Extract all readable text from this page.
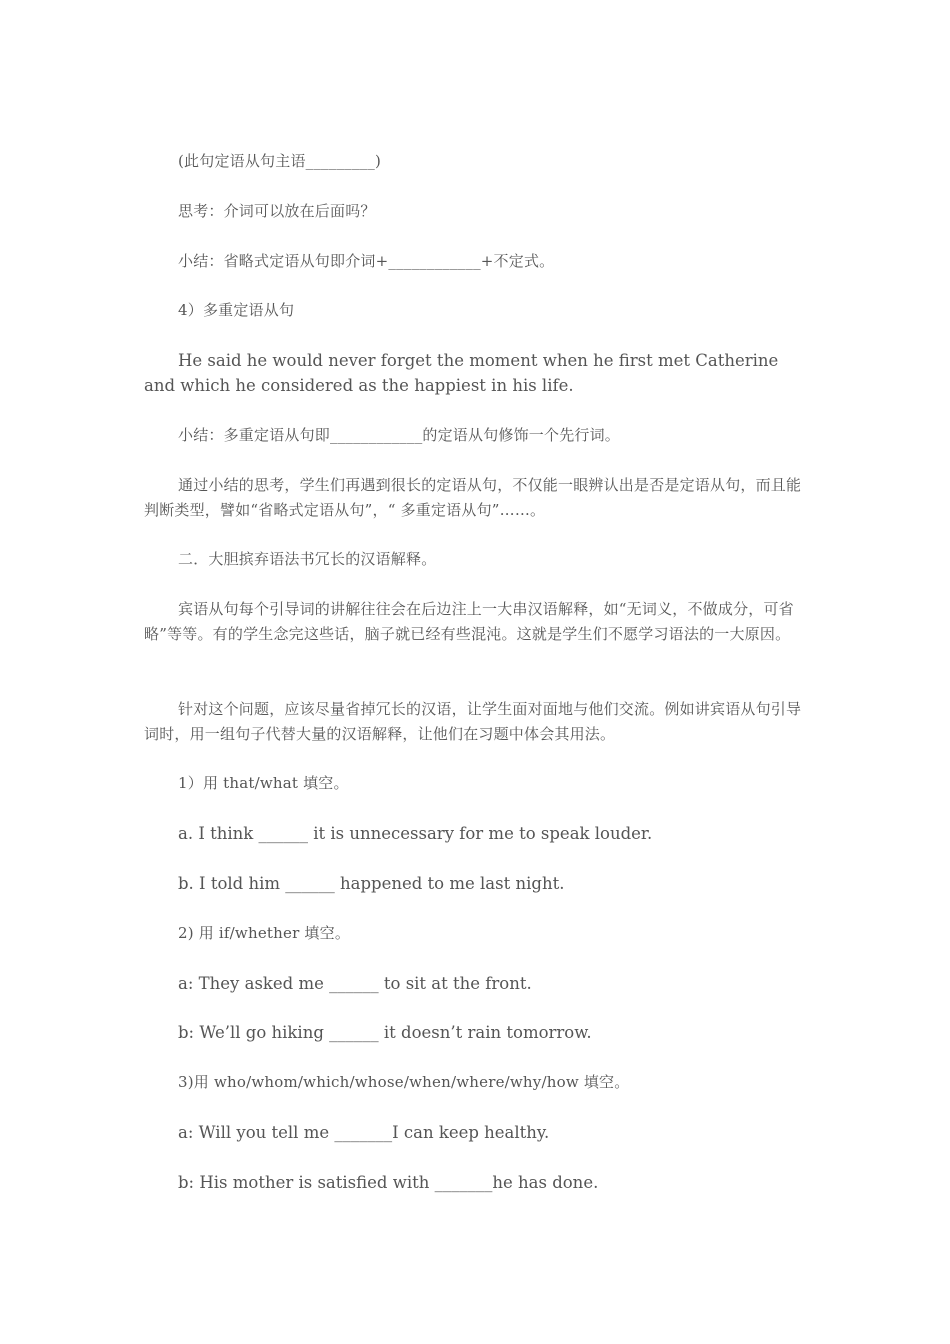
(此句定语从句主语_________)
思考：介词可以放在后面吗？
小结：省略式定语从句即介词+____________+不定式。
4）多重定语从句
He said he would never forget the moment when he first met Catherine and which he considered as the happiest in his life.
小结：多重定语从句即____________的定语从句修饰一个先行词。
通过小结的思考，学生们再遇到很长的定语从句，不仅能一眼辨认出是否是定语从句，而且能判断类型，譬如“省略式定语从句”，“ 多重定语从句”……。
二．大胆摈弃语法书冗长的汉语解释。
宾语从句每个引导词的讲解往往会在后边注上一大串汉语解释，如“无词义，不做成分，可省略”等等。有的学生念完这些话，脑子就已经有些混沌。这就是学生们不愿学习语法的一大原因。
针对这个问题，应该尽量省掉冗长的汉语，让学生面对面地与他们交流。例如讲宾语从句引导词时，用一组句子代替大量的汉语解释，让他们在习题中体会其用法。
1）用 that/what 填空。
a. I think ______ it is unnecessary for me to speak louder.
b. I told him ______ happened to me last night.
2) 用 if/whether 填空。
a: They asked me ______ to sit at the front.
b: We’ll go hiking ______ it doesn’t rain tomorrow.
3)用 who/whom/which/whose/when/where/why/how 填空。
a: Will you tell me _______I can keep healthy.
b: His mother is satisfied with _______he has done.
